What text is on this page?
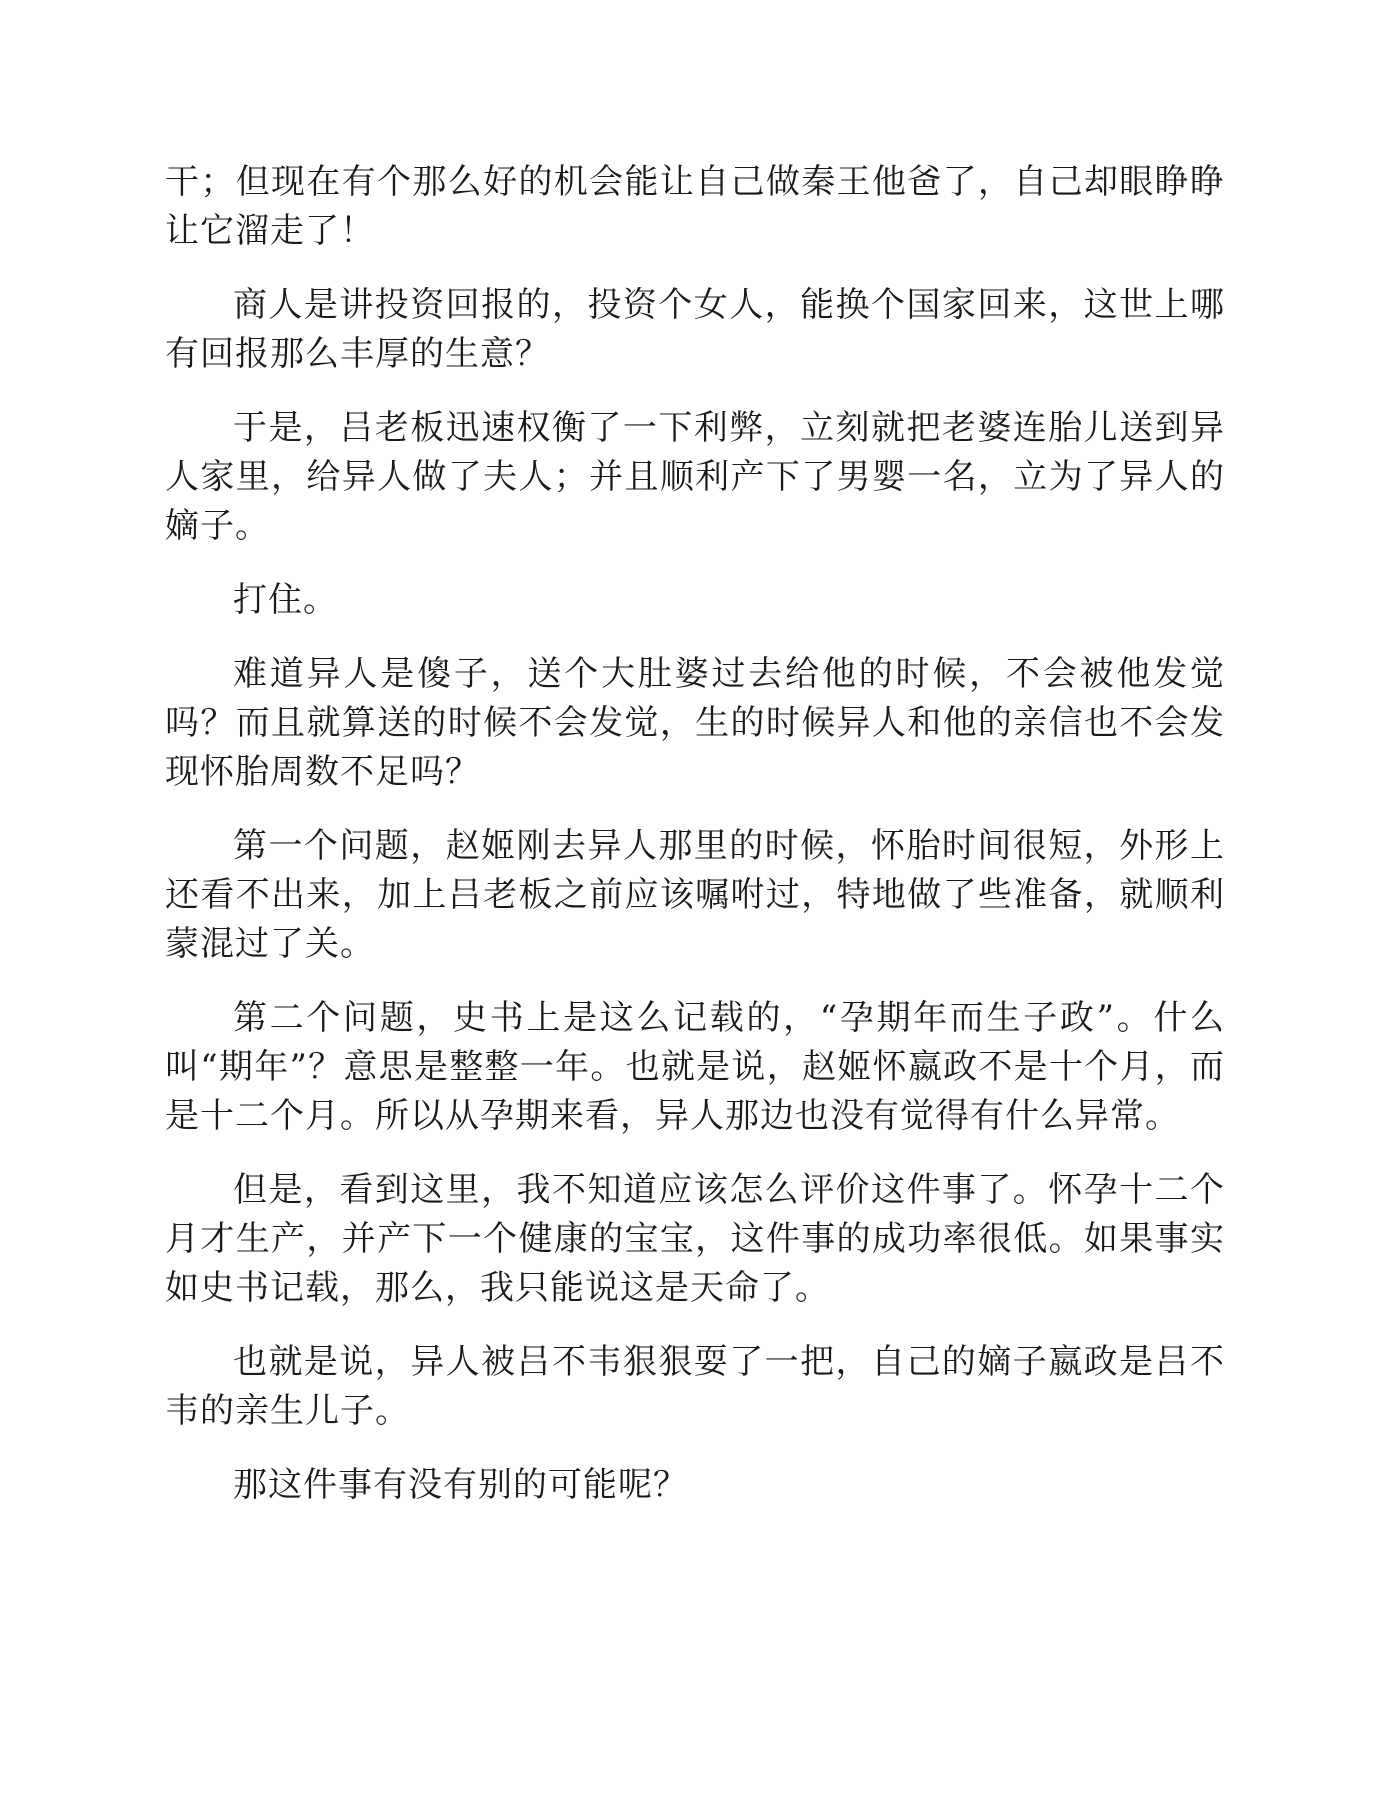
干；但现在有个那么好的机会能让自己做秦王他爸了，自己却眼睁睁让它溜走了！

商人是讲投资回报的，投资个女人，能换个国家回来，这世上哪有回报那么丰厚的生意？

于是，吕老板迅速权衡了一下利弊，立刻就把老婆连胎儿送到异人家里，给异人做了夫人；并且顺利产下了男婴一名，立为了异人的嫡子。

打住。

难道异人是傻子，送个大肚婆过去给他的时候，不会被他发觉吗？而且就算送的时候不会发觉，生的时候异人和他的亲信也不会发现怀胎周数不足吗？

第一个问题，赵姬刚去异人那里的时候，怀胎时间很短，外形上还看不出来，加上吕老板之前应该嘱咐过，特地做了些准备，就顺利蒙混过了关。

第二个问题，史书上是这么记载的，“孕期年而生子政”。什么叫“期年”？意思是整整一年。也就是说，赵姬怀嬴政不是十个月，而是十二个月。所以从孕期来看，异人那边也没有觉得有什么异常。

但是，看到这里，我不知道应该怎么评价这件事了。怀孕十二个月才生产，并产下一个健康的宝宝，这件事的成功率很低。如果事实如史书记载，那么，我只能说这是天命了。

也就是说，异人被吕不韦狠狠耍了一把，自己的嫡子嬴政是吕不韦的亲生儿子。

那这件事有没有别的可能呢？
